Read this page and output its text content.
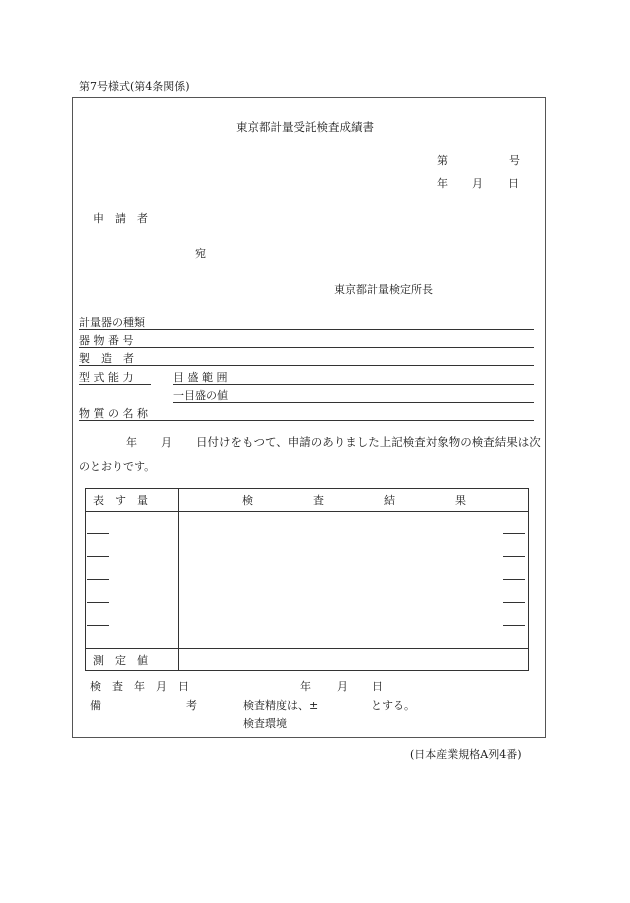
第7号様式(第4条関係)
東京都計量受託検査成績書
第	号
年 月 日
申　請　者
宛
東京都計量検定所長
計量器の種類
器 物 番 号
製　造　者
型 式 能 力	目 盛 範 囲
一目盛の値
物 質 の 名 称
年 月 日付けをもつて、申請のありました上記検査対象物の検査結果は次
のとおりです。
表　す　量	検	査	結	果
測　定　値
検　査　年　月　日	年 月 日
備	考	検査精度は、±	とする。
検査環境
(日本産業規格A列4番)
